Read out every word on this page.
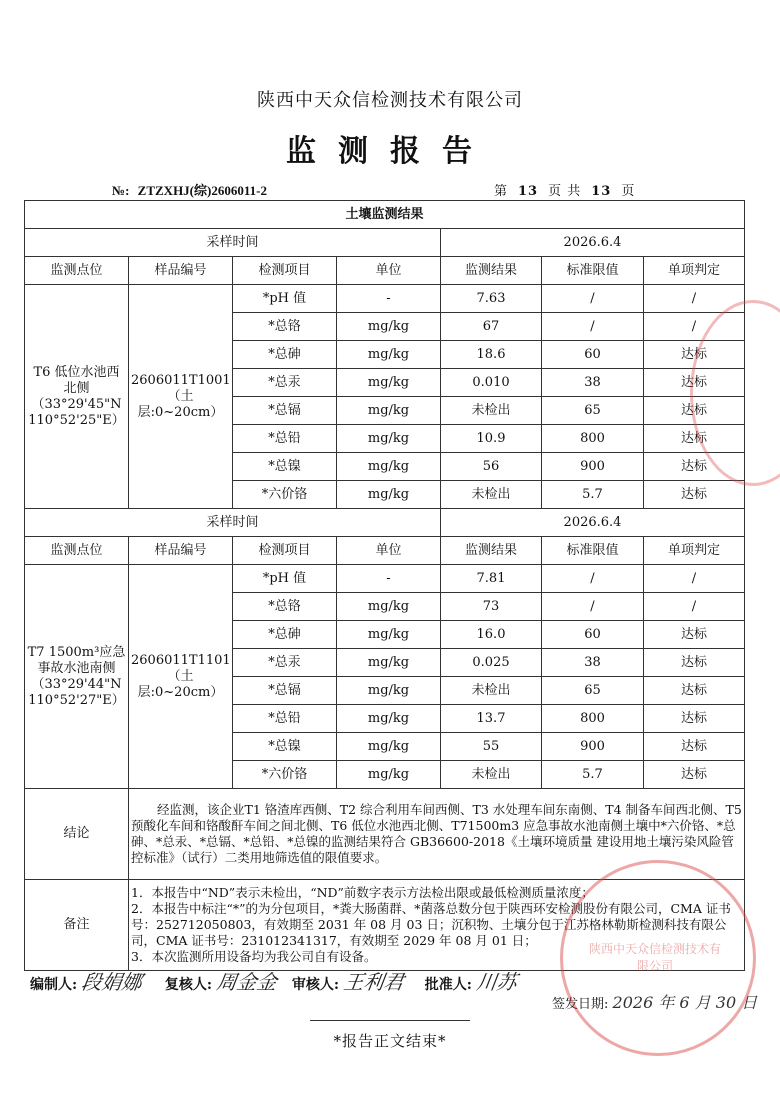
陕西中天众信检测技术有限公司
监测报告
№: ZTZXHJ(综)2606011-2	第 13 页 共 13 页
土壤监测结果						
采样时间				2026.6.4		
监测点位	样品编号	检测项目	单位	监测结果	标准限值	单项判定
T6 低位水池西北侧（33°29'45"N 110°52'25"E）	2606011T1001（土层:0~20cm）	*pH 值	-	7.63	/	/
		*总铬	mg/kg	67	/	/
		*总砷	mg/kg	18.6	60	达标
		*总汞	mg/kg	0.010	38	达标
		*总镉	mg/kg	未检出	65	达标
		*总铅	mg/kg	10.9	800	达标
		*总镍	mg/kg	56	900	达标
		*六价铬	mg/kg	未检出	5.7	达标
采样时间				2026.6.4		
监测点位	样品编号	检测项目	单位	监测结果	标准限值	单项判定
T7 1500m³应急事故水池南侧（33°29'44"N 110°52'27"E）	2606011T1101（土层:0~20cm）	*pH 值	-	7.81	/	/
		*总铬	mg/kg	73	/	/
		*总砷	mg/kg	16.0	60	达标
		*总汞	mg/kg	0.025	38	达标
		*总镉	mg/kg	未检出	65	达标
		*总铅	mg/kg	13.7	800	达标
		*总镍	mg/kg	55	900	达标
		*六价铬	mg/kg	未检出	5.7	达标
结论	经监测，该企业T1 铬渣库西侧、T2 综合利用车间西侧、T3 水处理车间东南侧、T4 制备车间西北侧、T5 预酸化车间和铬酸酐车间之间北侧、T6 低位水池西北侧、T71500m3 应急事故水池南侧土壤中*六价铬、*总砷、*总汞、*总镉、*总铅、*总镍的监测结果符合 GB36600-2018《土壤环境质量 建设用地土壤污染风险管控标准》（试行）二类用地筛选值的限值要求。					
备注	1．本报告中“ND”表示未检出，“ND”前数字表示方法检出限或最低检测质量浓度；
2．本报告中标注“*”的为分包项目，*粪大肠菌群、*菌落总数分包于陕西环安检测股份有限公司，CMA 证书号：252712050803，有效期至 2031 年 08 月 03 日；沉积物、土壤分包于江苏格林勒斯检测科技有限公司，CMA 证书号：231012341317，有效期至 2029 年 08 月 01 日；
3．本次监测所用设备均为我公司自有设备。					
编制人: 段娟娜 复核人: 周金金 审核人: 王利君 批准人: 川苏
签发日期: 2026 年 6 月 30 日
陕西中天众信检测技术有限公司
*报告正文结束*
